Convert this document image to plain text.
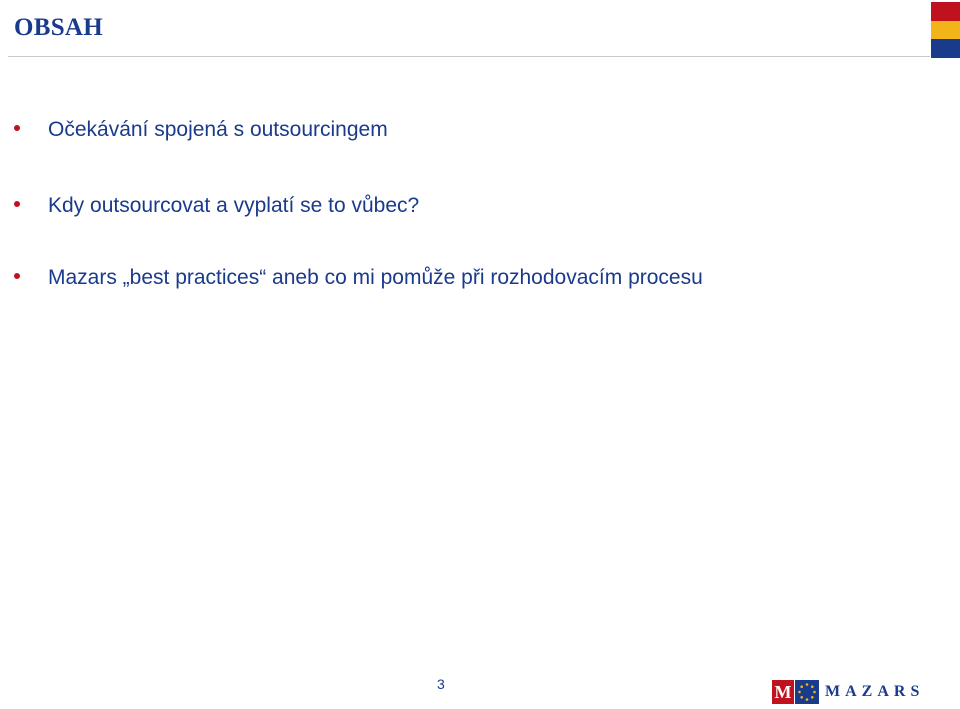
OBSAH
Očekávání spojená s outsourcingem
Kdy outsourcovat a vyplatí se to vůbec?
Mazars „best practices“ aneb co mi pomůže při rozhodovacím procesu
3	M MAZARS
